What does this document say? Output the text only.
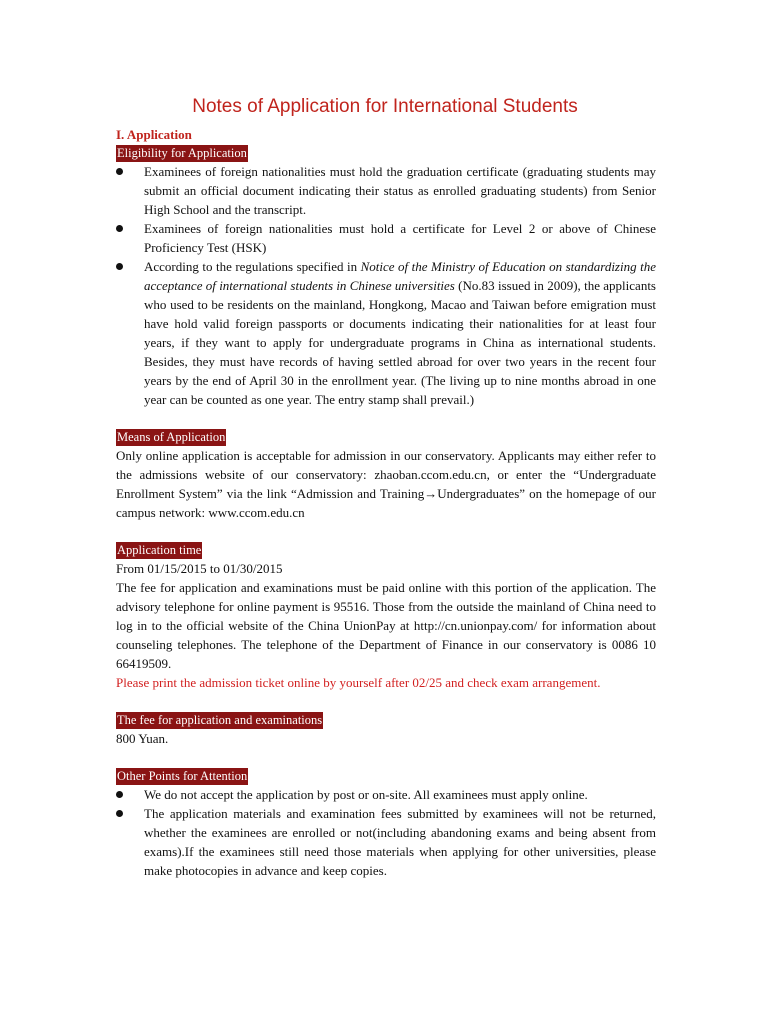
Notes of Application for International Students

I. Application

Eligibility for Application
Examinees of foreign nationalities must hold the graduation certificate (graduating students may submit an official document indicating their status as enrolled graduating students) from Senior High School and the transcript.
Examinees of foreign nationalities must hold a certificate for Level 2 or above of Chinese Proficiency Test (HSK)
According to the regulations specified in Notice of the Ministry of Education on standardizing the acceptance of international students in Chinese universities (No.83 issued in 2009), the applicants who used to be residents on the mainland, Hongkong, Macao and Taiwan before emigration must have hold valid foreign passports or documents indicating their nationalities for at least four years, if they want to apply for undergraduate programs in China as international students. Besides, they must have records of having settled abroad for over two years in the recent four years by the end of April 30 in the enrollment year. (The living up to nine months abroad in one year can be counted as one year. The entry stamp shall prevail.)
Means of Application

Only online application is acceptable for admission in our conservatory. Applicants may either refer to the admissions website of our conservatory: zhaoban.ccom.edu.cn, or enter the “Undergraduate Enrollment System” via the link “Admission and Training→Undergraduates” on the homepage of our campus network: www.ccom.edu.cn

Application time

From 01/15/2015 to 01/30/2015

The fee for application and examinations must be paid online with this portion of the application. The advisory telephone for online payment is 95516. Those from the outside the mainland of China need to log in to the official website of the China UnionPay at http://cn.unionpay.com/ for information about counseling telephones. The telephone of the Department of Finance in our conservatory is 0086 10 66419509.

Please print the admission ticket online by yourself after 02/25 and check exam arrangement.

The fee for application and examinations

800 Yuan.

Other Points for Attention
We do not accept the application by post or on-site. All examinees must apply online.
The application materials and examination fees submitted by examinees will not be returned, whether the examinees are enrolled or not(including abandoning exams and being absent from exams).If the examinees still need those materials when applying for other universities, please make photocopies in advance and keep copies.
